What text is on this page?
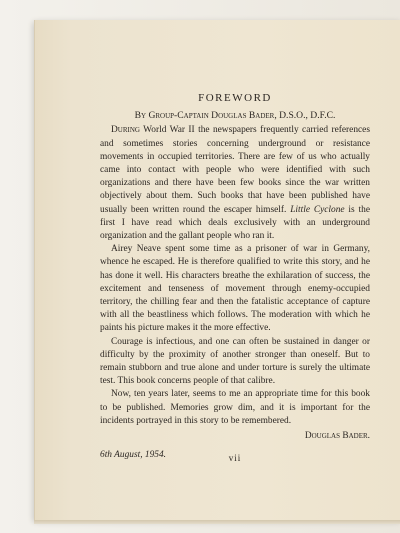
FOREWORD
By Group-Captain Douglas Bader, D.S.O., D.F.C.

During World War II the newspapers frequently carried references and sometimes stories concerning underground or resistance movements in occupied territories. There are few of us who actually came into contact with people who were identified with such organizations and there have been few books since the war written objectively about them. Such books that have been published have usually been written round the escaper himself. Little Cyclone is the first I have read which deals exclusively with an underground organization and the gallant people who ran it.

Airey Neave spent some time as a prisoner of war in Germany, whence he escaped. He is therefore qualified to write this story, and he has done it well. His characters breathe the exhilaration of success, the excitement and tenseness of movement through enemy-occupied territory, the chilling fear and then the fatalistic acceptance of capture with all the beastliness which follows. The moderation with which he paints his picture makes it the more effective.

Courage is infectious, and one can often be sustained in danger or difficulty by the proximity of another stronger than oneself. But to remain stubborn and true alone and under torture is surely the ultimate test. This book concerns people of that calibre.

Now, ten years later, seems to me an appropriate time for this book to be published. Memories grow dim, and it is important for the incidents portrayed in this story to be remembered.

Douglas Bader.
6th August, 1954.	vii
